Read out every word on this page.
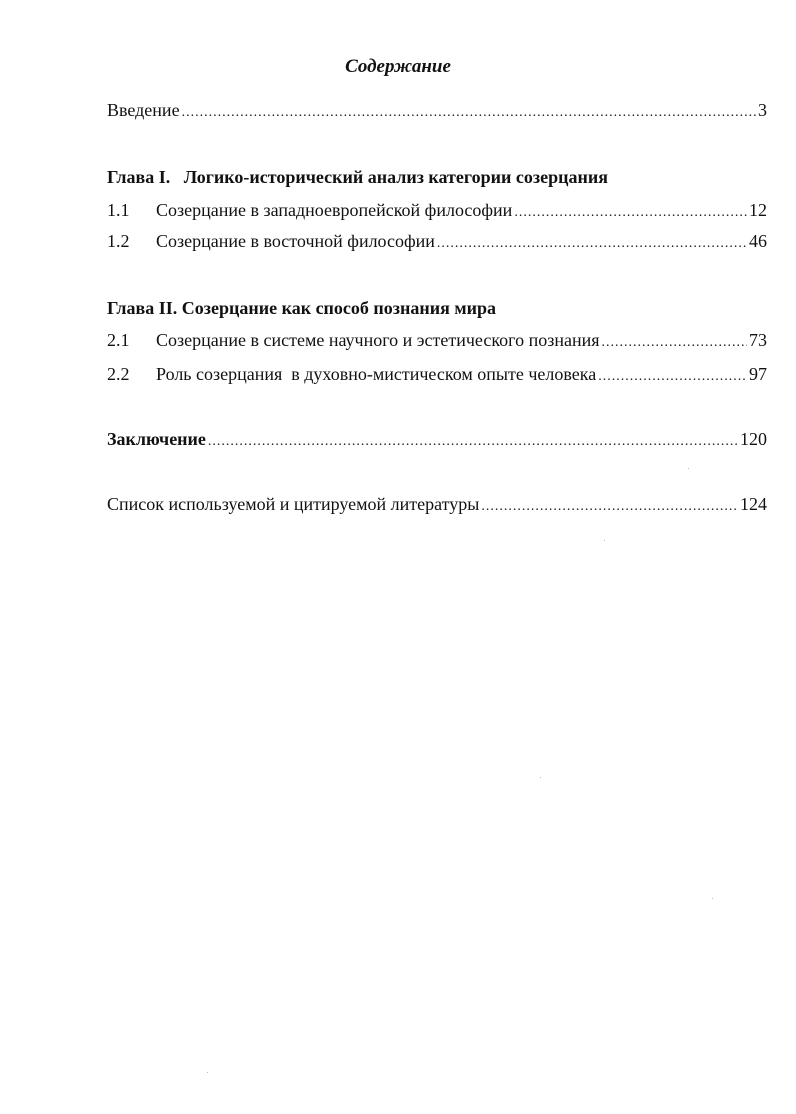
Содержание
Введение .....	3
Глава I. Логико-исторический анализ категории созерцания
1.1	Созерцание в западноевропейской философии .....	12
1.2	Созерцание в восточной философии .....	46
Глава II. Созерцание как способ познания мира
2.1	Созерцание в системе научного и эстетического познания .....	73
2.2	Роль созерцания  в духовно-мистическом опыте человека .....	97
Заключение .....	120
Список используемой и цитируемой литературы .....	124
